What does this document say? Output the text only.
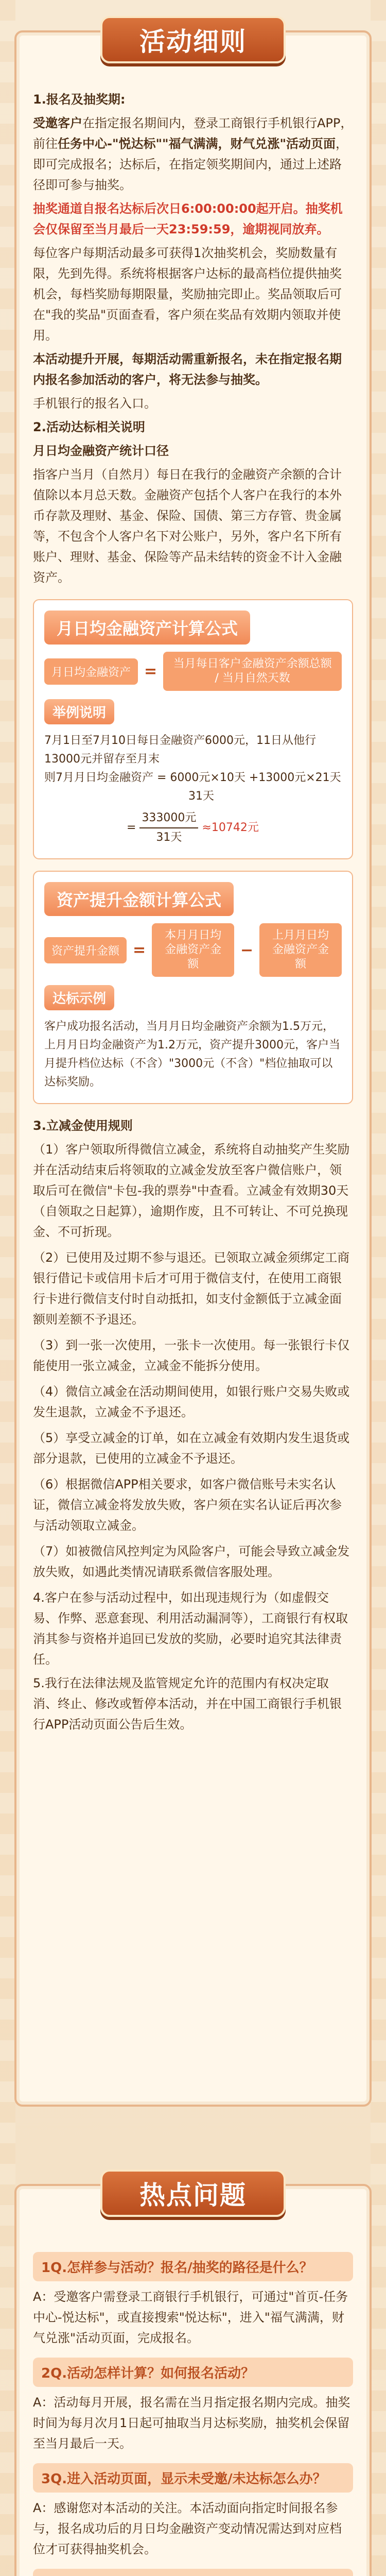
活动细则
1.报名及抽奖期:
受邀客户在指定报名期间内，登录工商银行手机银行APP，前往任务中心-"悦达标""福气满满，财气兑涨"活动页面，即可完成报名；达标后，在指定领奖期间内，通过上述路径即可参与抽奖。
抽奖通道自报名达标后次日6:00:00:00起开启。抽奖机会仅保留至当月最后一天23:59:59，逾期视同放弃。
每位客户每期活动最多可获得1次抽奖机会，奖励数量有限，先到先得。系统将根据客户达标的最高档位提供抽奖机会，每档奖励每期限量，奖励抽完即止。奖品领取后可在"我的奖品"页面查看，客户须在奖品有效期内领取并使用。
本活动提升开展，每期活动需重新报名，未在指定报名期内报名参加活动的客户，将无法参与抽奖。
手机银行的报名入口。
2.活动达标相关说明
月日均金融资产统计口径
指客户当月（自然月）每日在我行的金融资产余额的合计值除以本月总天数。金融资产包括个人客户在我行的本外币存款及理财、基金、保险、国债、第三方存管、贵金属等，不包含个人客户名下对公账户，另外，客户名下所有账户、理财、基金、保险等产品未结转的资金不计入金融资产。
月日均金融资产计算公式
月日均金融资产 =	当月每日客户金融资产余额总额 / 当月自然天数
举例说明
7月1日至7月10日每日金融资产6000元，11日从他行13000元并留存至月末
则7月月日均金融资产 = 6000元×10天 +13000元×21天
31天
= $\frac{\text{333000元}}{\text{31天}} \approx 10742$元
资产提升金额计算公式
资产提升金额 =
本月月日均金融资产金额
−
上月月日均金融资产金额
达标示例
客户成功报名活动，当月月日均金融资产余额为1.5万元，上月月日均金融资产为1.2万元，资产提升3000元，客户当月提升档位达标（不含）"3000元（不含）"档位抽取可以达标奖励。
3.立减金使用规则
（1）客户领取所得微信立减金，系统将自动抽奖产生奖励并在活动结束后将领取的立减金发放至客户微信账户，领取后可在微信"卡包-我的票券"中查看。立减金有效期30天（自领取之日起算），逾期作废，且不可转让、不可兑换现金、不可折现。
（2）已使用及过期不参与退还。已领取立减金须绑定工商银行借记卡或信用卡后才可用于微信支付，在使用工商银行卡进行微信支付时自动抵扣，如支付金额低于立减金面额则差额不予退还。
（3）到一张一次使用，一张卡一次使用。每一张银行卡仅能使用一张立减金，立减金不能拆分使用。
（4）微信立减金在活动期间使用，如银行账户交易失败或发生退款，立减金不予退还。
（5）享受立减金的订单，如在立减金有效期内发生退货或部分退款，已使用的立减金不予退还。
（6）根据微信APP相关要求，如客户微信账号未实名认证，微信立减金将发放失败，客户须在实名认证后再次参与活动领取立减金。
（7）如被微信风控判定为风险客户，可能会导致立减金发放失败，如遇此类情况请联系微信客服处理。
4.客户在参与活动过程中，如出现违规行为（如虚假交易、作弊、恶意套现、利用活动漏洞等），工商银行有权取消其参与资格并追回已发放的奖励，必要时追究其法律责任。
5.我行在法律法规及监管规定允许的范围内有权决定取消、终止、修改或暂停本活动，并在中国工商银行手机银行APP活动页面公告后生效。
热点问题
1Q.怎样参与活动？报名/抽奖的路径是什么？
A：受邀客户需登录工商银行手机银行，可通过"首页-任务中心-悦达标"，或直接搜索"悦达标"，进入"福气满满，财气兑涨"活动页面，完成报名。
2Q.活动怎样计算？如何报名活动？
A：活动每月开展，报名需在当月指定报名期内完成。抽奖时间为每月次月1日起可抽取当月达标奖励，抽奖机会保留至当月最后一天。
3Q.进入活动页面，显示未受邀/未达标怎么办？
A：感谢您对本活动的关注。本活动面向指定时间报名参与，报名成功后的月日均金融资产变动情况需达到对应档位才可获得抽奖机会。
